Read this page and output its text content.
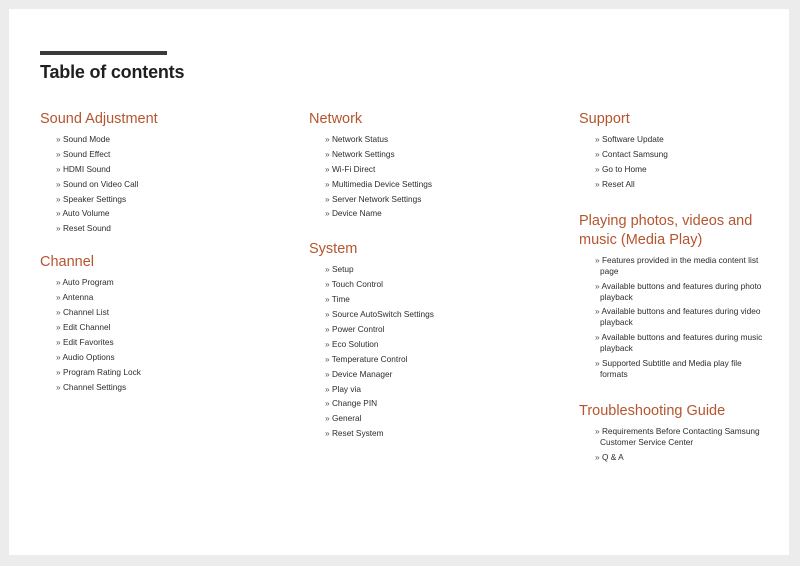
Table of contents
Sound Adjustment
» Sound Mode
» Sound Effect
» HDMI Sound
» Sound on Video Call
» Speaker Settings
» Auto Volume
» Reset Sound
Channel
» Auto Program
» Antenna
» Channel List
» Edit Channel
» Edit Favorites
» Audio Options
» Program Rating Lock
» Channel Settings
Network
» Network Status
» Network Settings
» Wi-Fi Direct
» Multimedia Device Settings
» Server Network Settings
» Device Name
System
» Setup
» Touch Control
» Time
» Source AutoSwitch Settings
» Power Control
» Eco Solution
» Temperature Control
» Device Manager
» Play via
» Change PIN
» General
» Reset System
Support
» Software Update
» Contact Samsung
» Go to Home
» Reset All
Playing photos, videos and music (Media Play)
» Features provided in the media content list page
» Available buttons and features during photo playback
» Available buttons and features during video playback
» Available buttons and features during music playback
» Supported Subtitle and Media play file formats
Troubleshooting Guide
» Requirements Before Contacting Samsung Customer Service Center
» Q & A
